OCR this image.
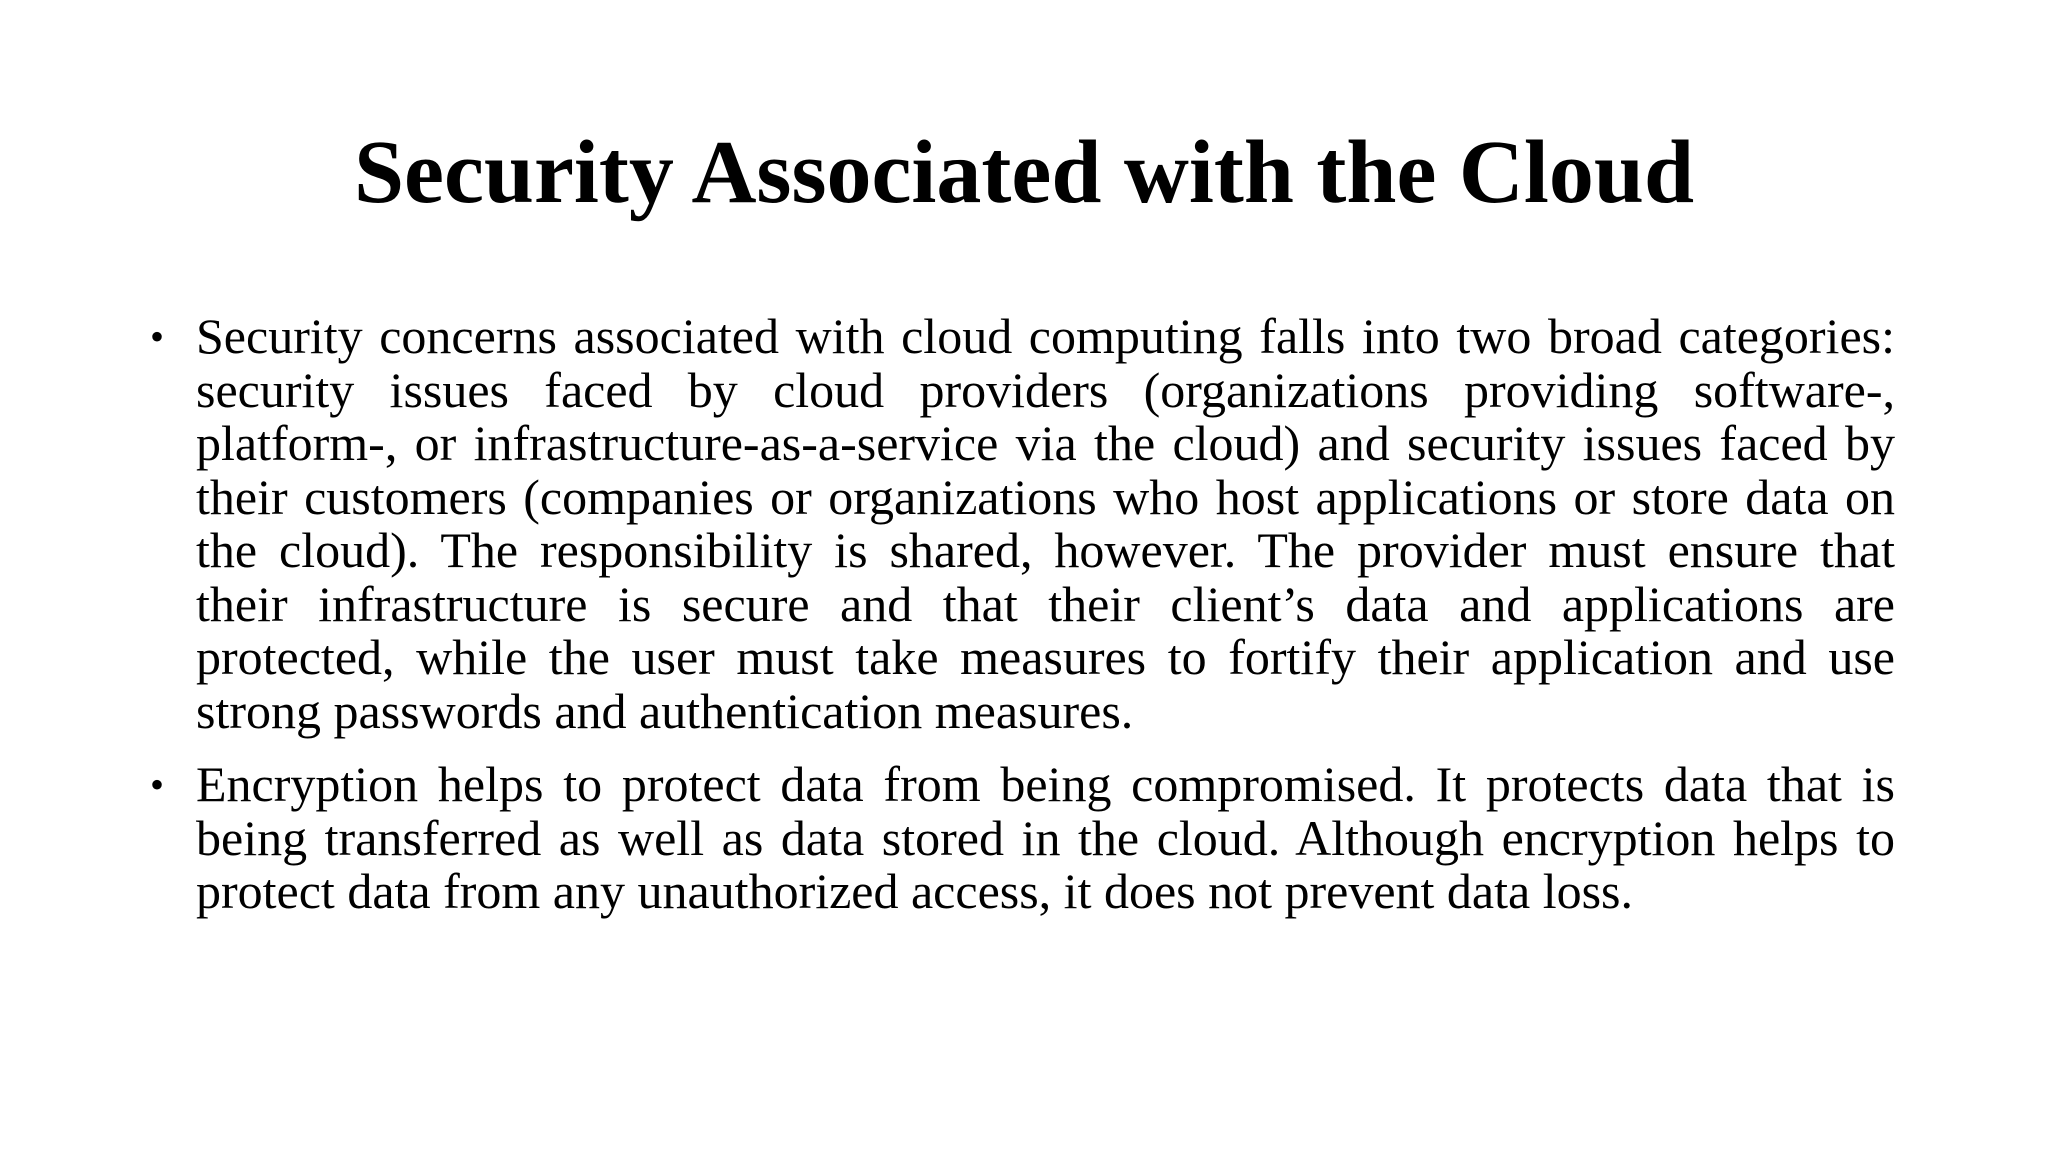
Security Associated with the Cloud
• Security concerns associated with cloud computing falls into two broad categories: security issues faced by cloud providers (organizations providing software-, platform-, or infrastructure-as-a-service via the cloud) and security issues faced by their customers (companies or organizations who host applications or store data on the cloud). The responsibility is shared, however. The provider must ensure that their infrastructure is secure and that their client’s data and applications are protected, while the user must take measures to fortify their application and use strong passwords and authentication measures.
• Encryption helps to protect data from being compromised. It protects data that is being transferred as well as data stored in the cloud. Although encryption helps to protect data from any unauthorized access, it does not prevent data loss.
